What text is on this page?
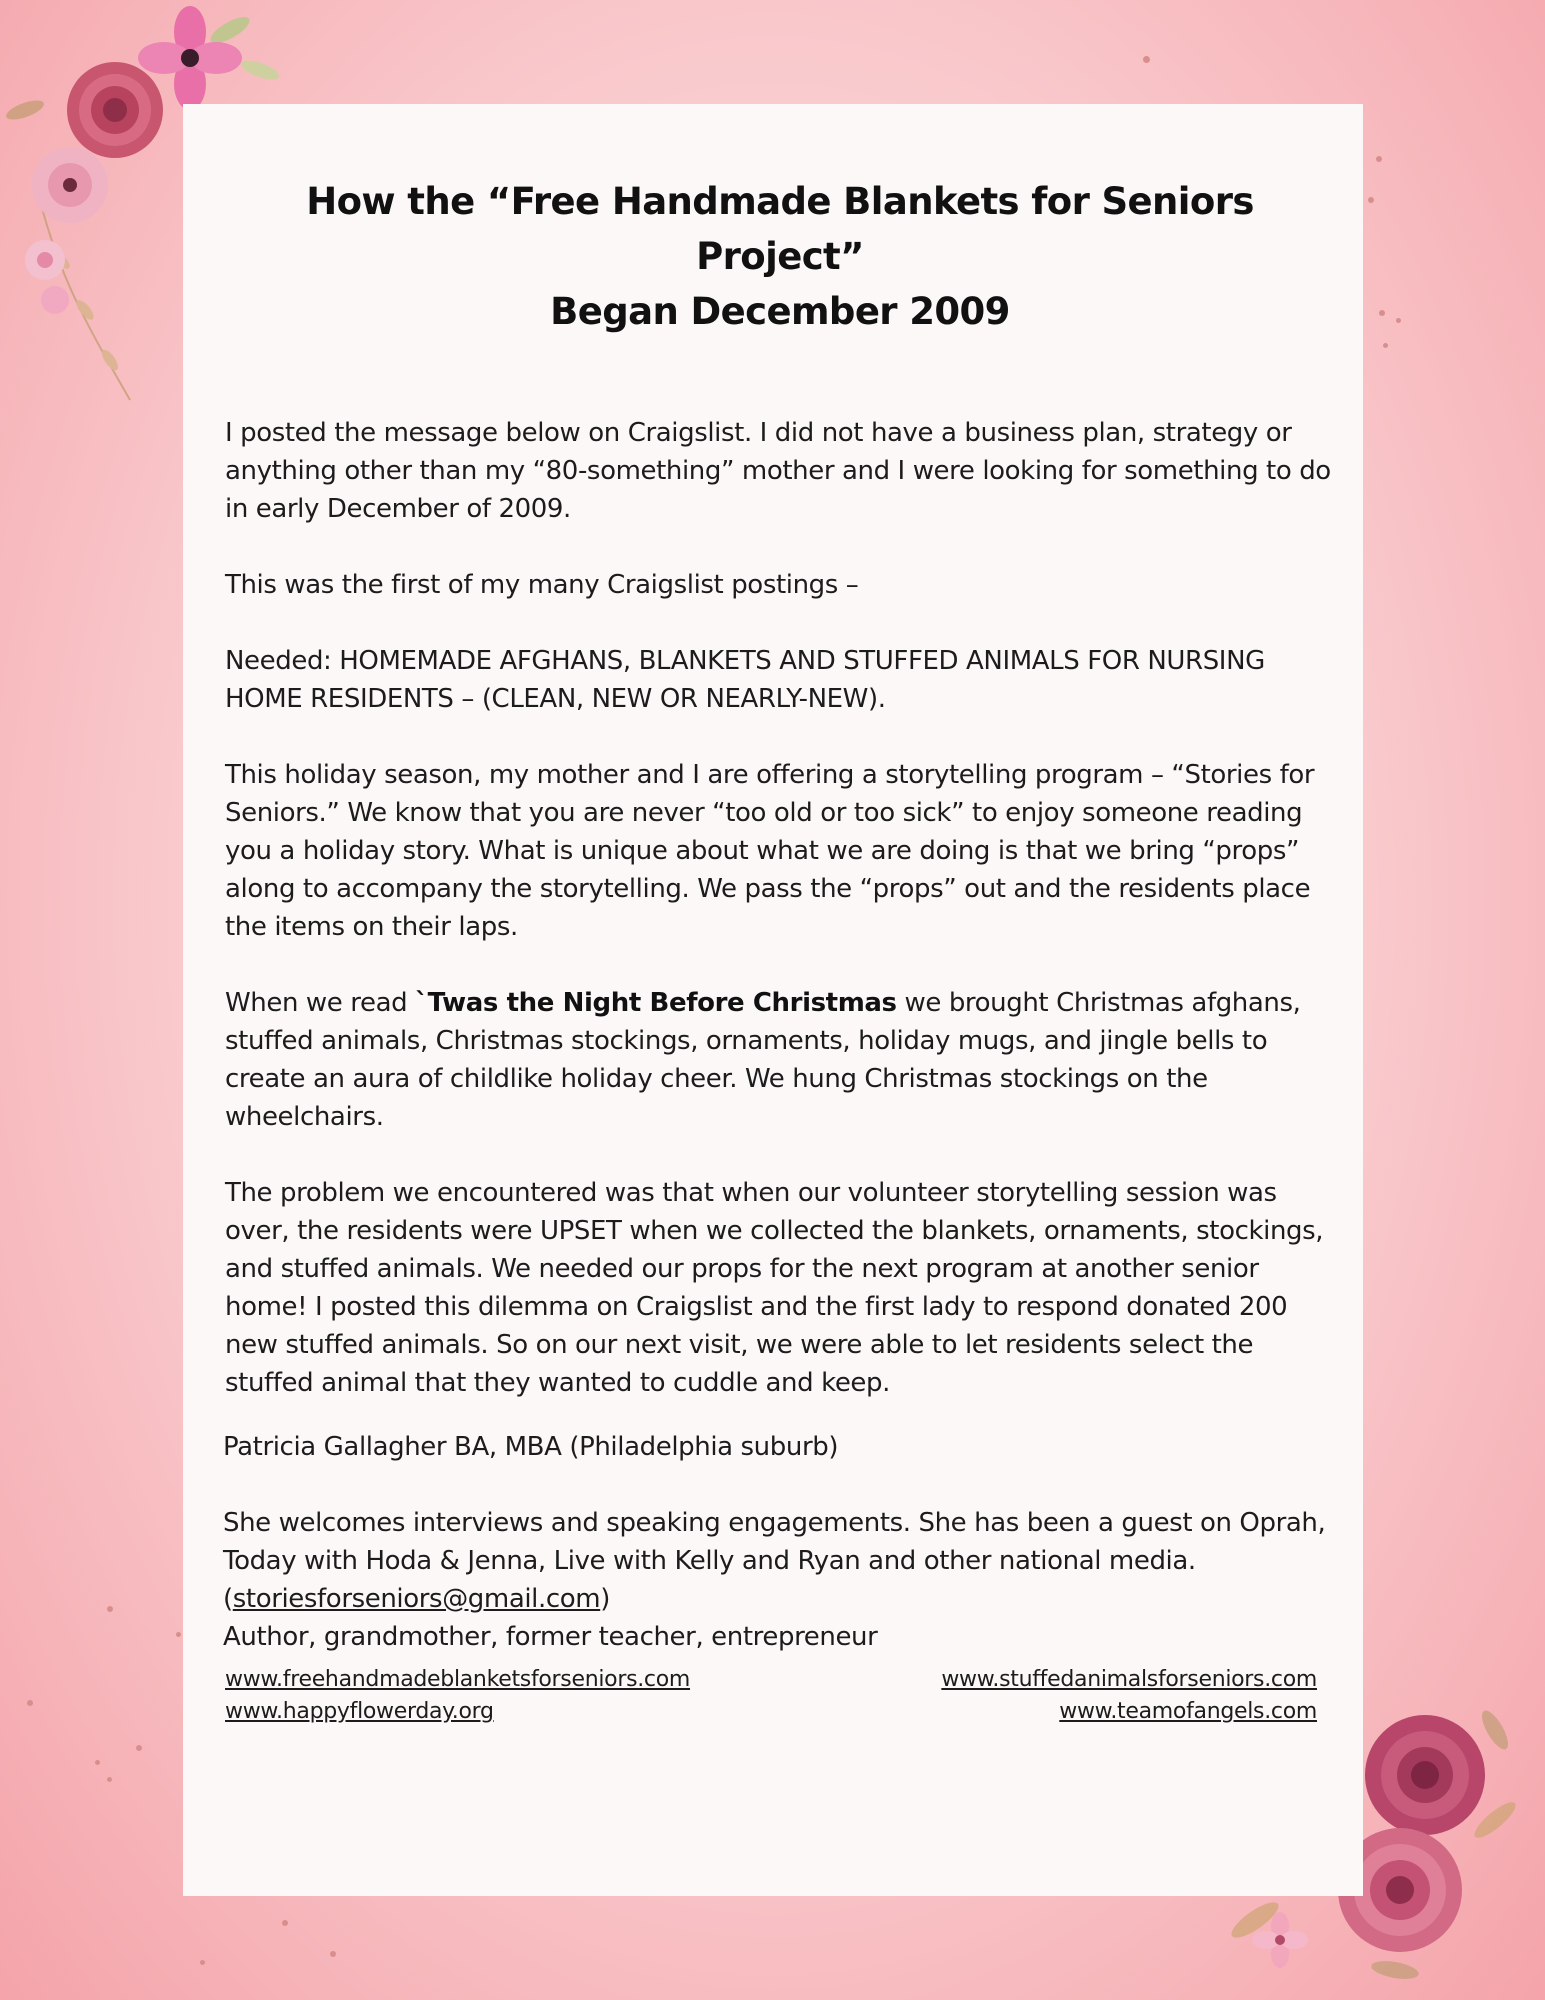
How the “Free Handmade Blankets for Seniors Project”
Began December 2009

I posted the message below on Craigslist. I did not have a business plan, strategy or anything other than my “80-something” mother and I were looking for something to do in early December of 2009.

This was the first of my many Craigslist postings –

Needed: HOMEMADE AFGHANS, BLANKETS AND STUFFED ANIMALS FOR NURSING HOME RESIDENTS – (CLEAN, NEW OR NEARLY-NEW).

This holiday season, my mother and I are offering a storytelling program – “Stories for Seniors.” We know that you are never “too old or too sick” to enjoy someone reading you a holiday story. What is unique about what we are doing is that we bring “props” along to accompany the storytelling. We pass the “props” out and the residents place the items on their laps.

When we read `Twas the Night Before Christmas we brought Christmas afghans, stuffed animals, Christmas stockings, ornaments, holiday mugs, and jingle bells to create an aura of childlike holiday cheer. We hung Christmas stockings on the wheelchairs.

The problem we encountered was that when our volunteer storytelling session was over, the residents were UPSET when we collected the blankets, ornaments, stockings, and stuffed animals. We needed our props for the next program at another senior home! I posted this dilemma on Craigslist and the first lady to respond donated 200 new stuffed animals. So on our next visit, we were able to let residents select the stuffed animal that they wanted to cuddle and keep.

Patricia Gallagher BA, MBA (Philadelphia suburb)

She welcomes interviews and speaking engagements. She has been a guest on Oprah, Today with Hoda & Jenna, Live with Kelly and Ryan and other national media. (storiesforseniors@gmail.com)
Author, grandmother, former teacher, entrepreneur

www.freehandmadeblanketsforseniors.com
www.happyflowerday.org
www.stuffedanimalsforseniors.com
www.teamofangels.com
